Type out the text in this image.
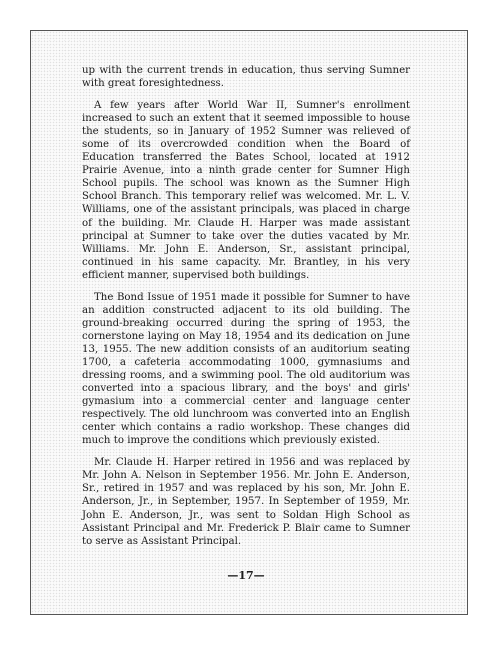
up with the current trends in education, thus serving Sumner with great foresightedness.

A few years after World War II, Sumner's enrollment increased to such an extent that it seemed impossible to house the students, so in January of 1952 Sumner was relieved of some of its overcrowded condition when the Board of Education transferred the Bates School, located at 1912 Prairie Avenue, into a ninth grade center for Sumner High School pupils. The school was known as the Sumner High School Branch. This temporary relief was welcomed. Mr. L. V. Williams, one of the assistant principals, was placed in charge of the building. Mr. Claude H. Harper was made assistant principal at Sumner to take over the duties vacated by Mr. Williams. Mr. John E. Anderson, Sr., assistant principal, continued in his same capacity. Mr. Brantley, in his very efficient manner, supervised both buildings.

The Bond Issue of 1951 made it possible for Sumner to have an addition constructed adjacent to its old building. The ground-breaking occurred during the spring of 1953, the cornerstone laying on May 18, 1954 and its dedication on June 13, 1955. The new addition consists of an auditorium seating 1700, a cafeteria accommodating 1000, gymnasiums and dressing rooms, and a swimming pool. The old auditorium was converted into a spacious library, and the boys' and girls' gymasium into a commercial center and language center respectively. The old lunchroom was converted into an English center which contains a radio workshop. These changes did much to improve the conditions which previously existed.

Mr. Claude H. Harper retired in 1956 and was replaced by Mr. John A. Nelson in September 1956. Mr. John E. Anderson, Sr., retired in 1957 and was replaced by his son, Mr. John E. Anderson, Jr., in September, 1957. In September of 1959, Mr. John E. Anderson, Jr., was sent to Soldan High School as Assistant Principal and Mr. Frederick P. Blair came to Sumner to serve as Assistant Principal.

—17—
